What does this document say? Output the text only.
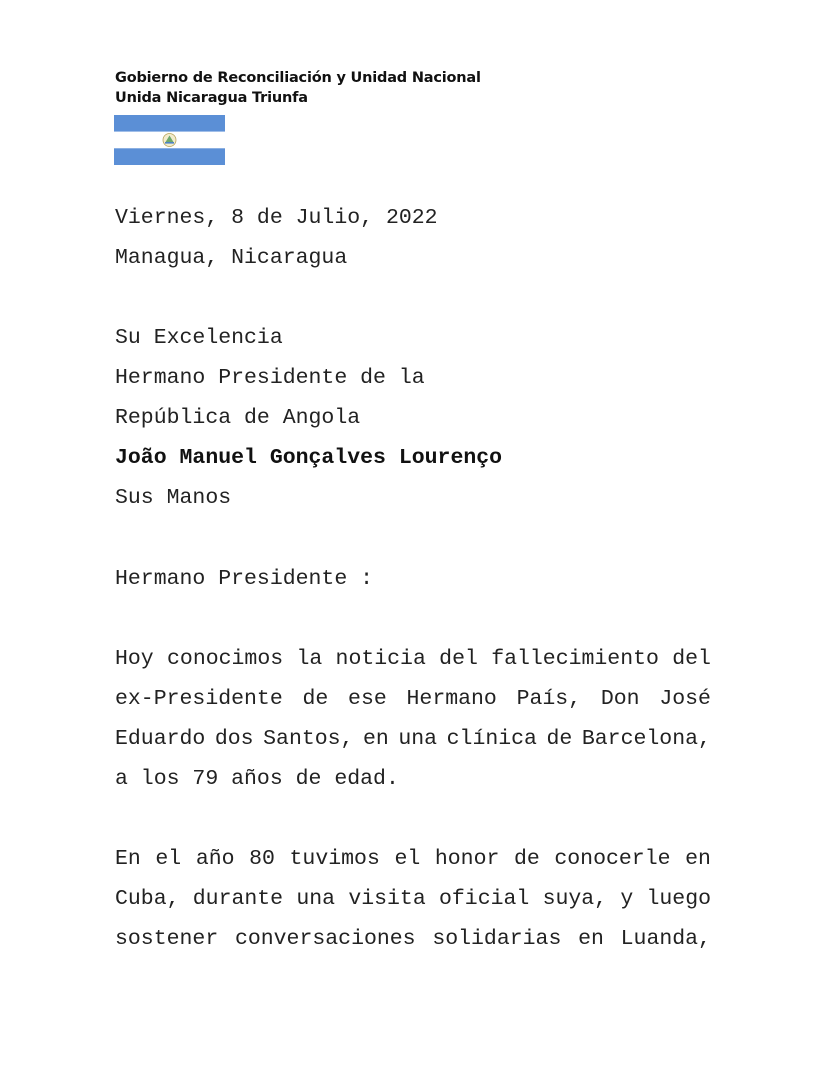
Gobierno de Reconciliación y Unidad Nacional
Unida Nicaragua Triunfa
Viernes, 8 de Julio, 2022
Managua, Nicaragua
Su Excelencia
Hermano Presidente de la
República de Angola
João Manuel Gonçalves Lourenço
Sus Manos
Hermano Presidente :
Hoy conocimos la noticia del fallecimiento del
ex-Presidente de ese Hermano País, Don José
Eduardo dos Santos, en una clínica de Barcelona,
a los 79 años de edad.
En el año 80 tuvimos el honor de conocerle en
Cuba, durante una visita oficial suya, y luego
sostener conversaciones solidarias en Luanda,
